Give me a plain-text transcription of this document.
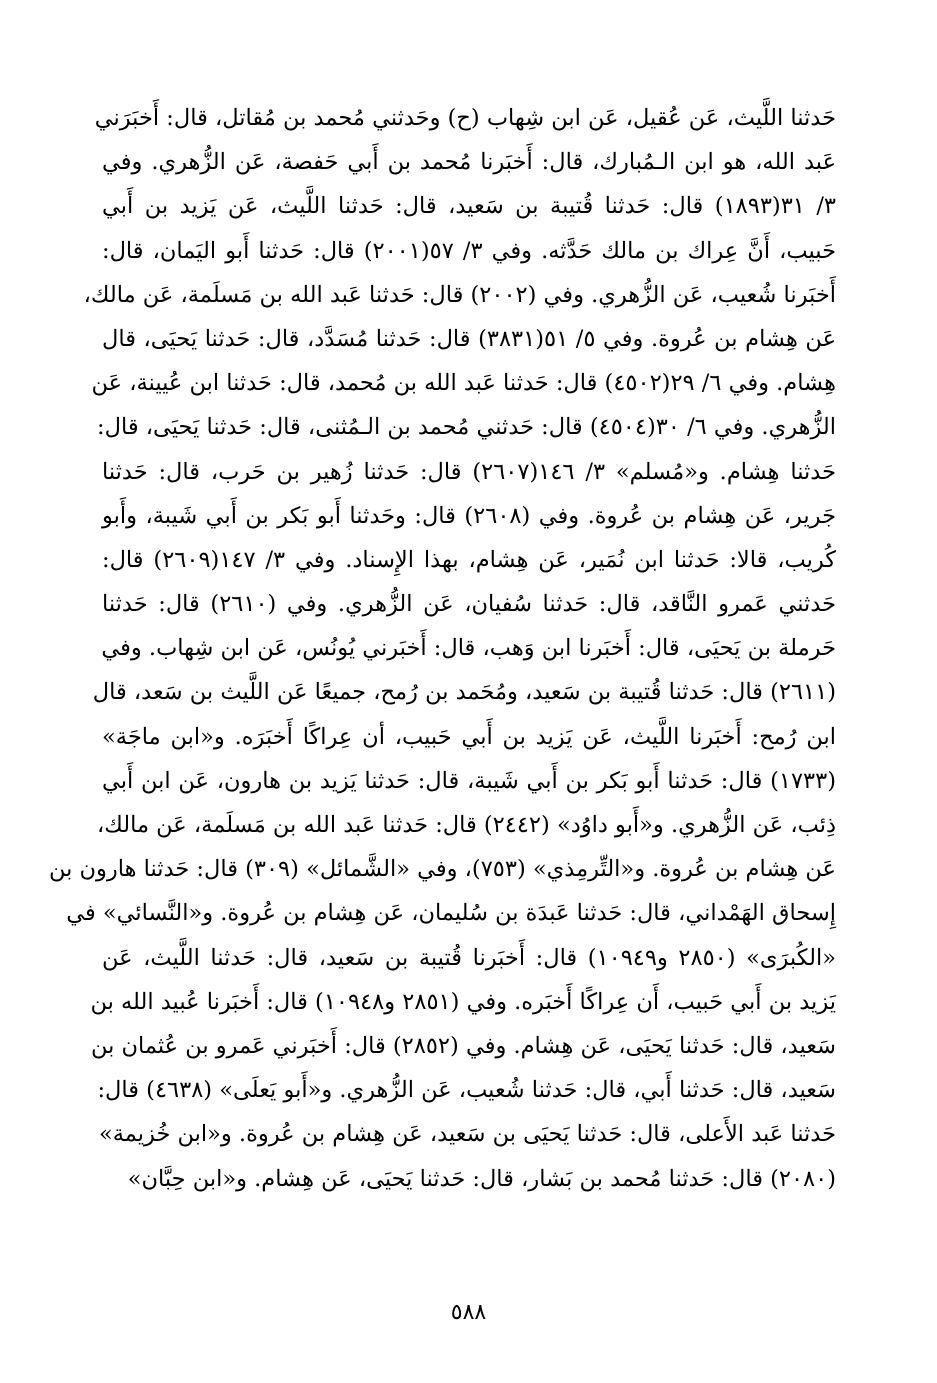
حَدثنا اللَّيث، عَن عُقيل، عَن ابن شِهاب (ح) وحَدثني مُحمد بن مُقاتل، قال: أَخبَرَني
عَبد الله، هو ابن الـمُبارك، قال: أَخبَرنا مُحمد بن أَبي حَفصة، عَن الزُّهري. وفي
٣/ ٣١(١٨٩٣) قال: حَدثنا قُتيبة بن سَعيد، قال: حَدثنا اللَّيث، عَن يَزيد بن أَبي
حَبيب، أَنَّ عِراك بن مالك حَدَّثه. وفي ٣/ ٥٧(٢٠٠١) قال: حَدثنا أَبو اليَمان، قال:
أَخبَرنا شُعيب، عَن الزُّهري. وفي (٢٠٠٢) قال: حَدثنا عَبد الله بن مَسلَمة، عَن مالك،
عَن هِشام بن عُروة. وفي ٥/ ٥١(٣٨٣١) قال: حَدثنا مُسَدَّد، قال: حَدثنا يَحيَى، قال
هِشام. وفي ٦/ ٢٩(٤٥٠٢) قال: حَدثنا عَبد الله بن مُحمد، قال: حَدثنا ابن عُيينة، عَن
الزُّهري. وفي ٦/ ٣٠(٤٥٠٤) قال: حَدثني مُحمد بن الـمُثنى، قال: حَدثنا يَحيَى، قال:
حَدثنا هِشام. و«مُسلم» ٣/ ١٤٦(٢٦٠٧) قال: حَدثنا زُهير بن حَرب، قال: حَدثنا
جَرير، عَن هِشام بن عُروة. وفي (٢٦٠٨) قال: وحَدثنا أَبو بَكر بن أَبي شَيبة، وأَبو
كُريب، قالا: حَدثنا ابن نُمَير، عَن هِشام، بهذا الإِسناد. وفي ٣/ ١٤٧(٢٦٠٩) قال:
حَدثني عَمرو النَّاقد، قال: حَدثنا سُفيان، عَن الزُّهري. وفي (٢٦١٠) قال: حَدثنا
حَرملة بن يَحيَى، قال: أَخبَرنا ابن وَهب، قال: أَخبَرني يُونُس، عَن ابن شِهاب. وفي
(٢٦١١) قال: حَدثنا قُتيبة بن سَعيد، ومُحَمد بن رُمح، جميعًا عَن اللَّيث بن سَعد، قال
ابن رُمح: أَخبَرنا اللَّيث، عَن يَزيد بن أَبي حَبيب، أن عِراكًا أَخبَرَه. و«ابن ماجَة»
(١٧٣٣) قال: حَدثنا أَبو بَكر بن أَبي شَيبة، قال: حَدثنا يَزيد بن هارون، عَن ابن أَبي
ذِئب، عَن الزُّهري. و«أَبو داوُد» (٢٤٤٢) قال: حَدثنا عَبد الله بن مَسلَمة، عَن مالك،
عَن هِشام بن عُروة. و«التِّرمِذي» (٧٥٣)، وفي «الشَّمائل» (٣٠٩) قال: حَدثنا هارون بن
إِسحاق الهَمْداني، قال: حَدثنا عَبدَة بن سُليمان، عَن هِشام بن عُروة. و«النَّسائي» في
«الكُبرَى» (٢٨٥٠ و١٠٩٤٩) قال: أَخبَرنا قُتيبة بن سَعيد، قال: حَدثنا اللَّيث، عَن
يَزيد بن أَبي حَبيب، أَن عِراكًا أَخبَره. وفي (٢٨٥١ و١٠٩٤٨) قال: أَخبَرنا عُبيد الله بن
سَعيد، قال: حَدثنا يَحيَى، عَن هِشام. وفي (٢٨٥٢) قال: أَخبَرني عَمرو بن عُثمان بن
سَعيد، قال: حَدثنا أَبي، قال: حَدثنا شُعيب، عَن الزُّهري. و«أَبو يَعلَى» (٤٦٣٨) قال:
حَدثنا عَبد الأَعلى، قال: حَدثنا يَحيَى بن سَعيد، عَن هِشام بن عُروة. و«ابن خُزيمة»
(٢٠٨٠) قال: حَدثنا مُحمد بن بَشار، قال: حَدثنا يَحيَى، عَن هِشام. و«ابن حِبَّان»
٥٨٨
